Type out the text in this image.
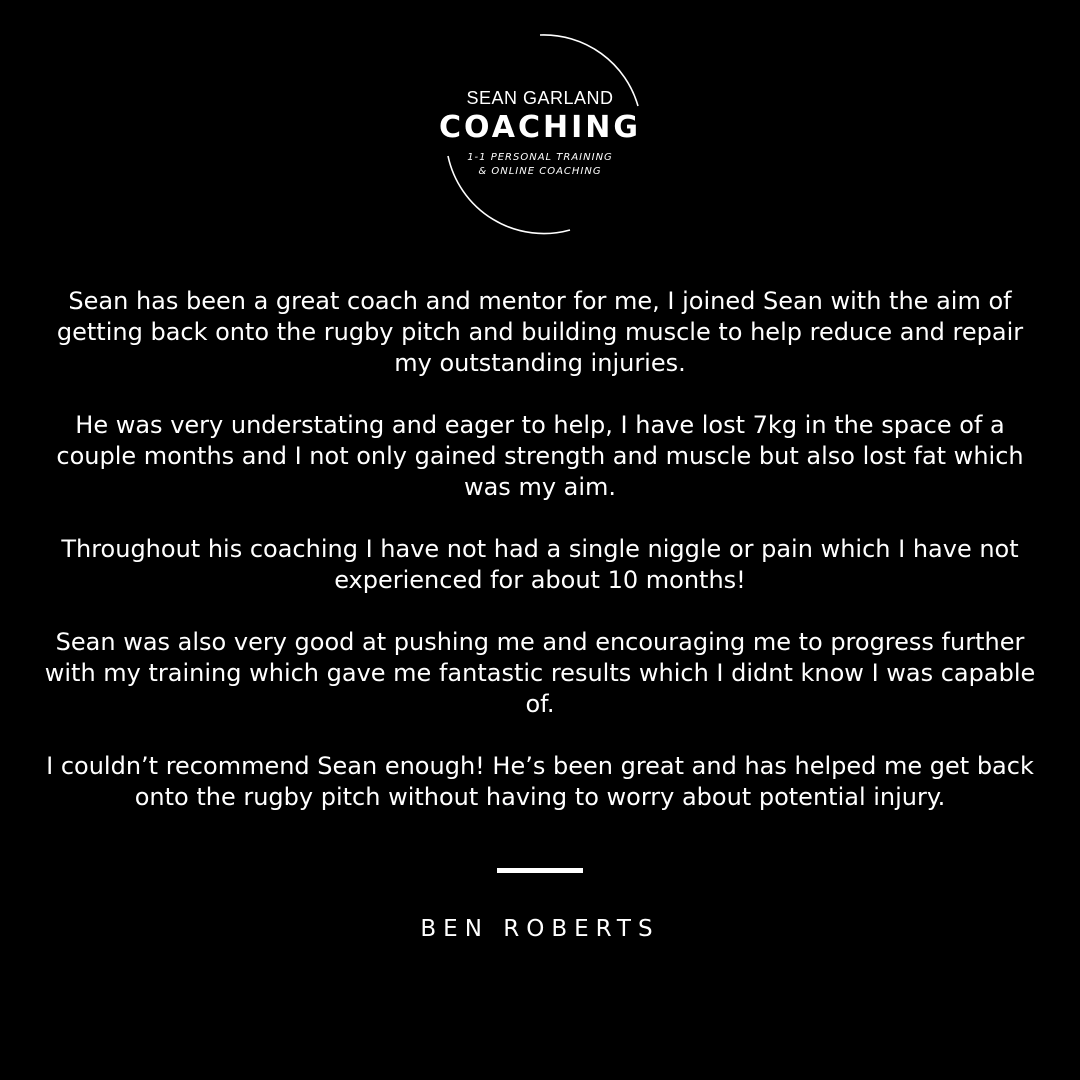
SEAN GARLAND
COACHING
1-1 PERSONAL TRAINING
& ONLINE COACHING

Sean has been a great coach and mentor for me, I joined Sean with the aim of getting back onto the rugby pitch and building muscle to help reduce and repair my outstanding injuries.

He was very understating and eager to help, I have lost 7kg in the space of a couple months and I not only gained strength and muscle but also lost fat which was my aim.

Throughout his coaching I have not had a single niggle or pain which I have not experienced for about 10 months!

Sean was also very good at pushing me and encouraging me to progress further with my training which gave me fantastic results which I didnt know I was capable of.

I couldn’t recommend Sean enough! He’s been great and has helped me get back onto the rugby pitch without having to worry about potential injury.

BEN ROBERTS
